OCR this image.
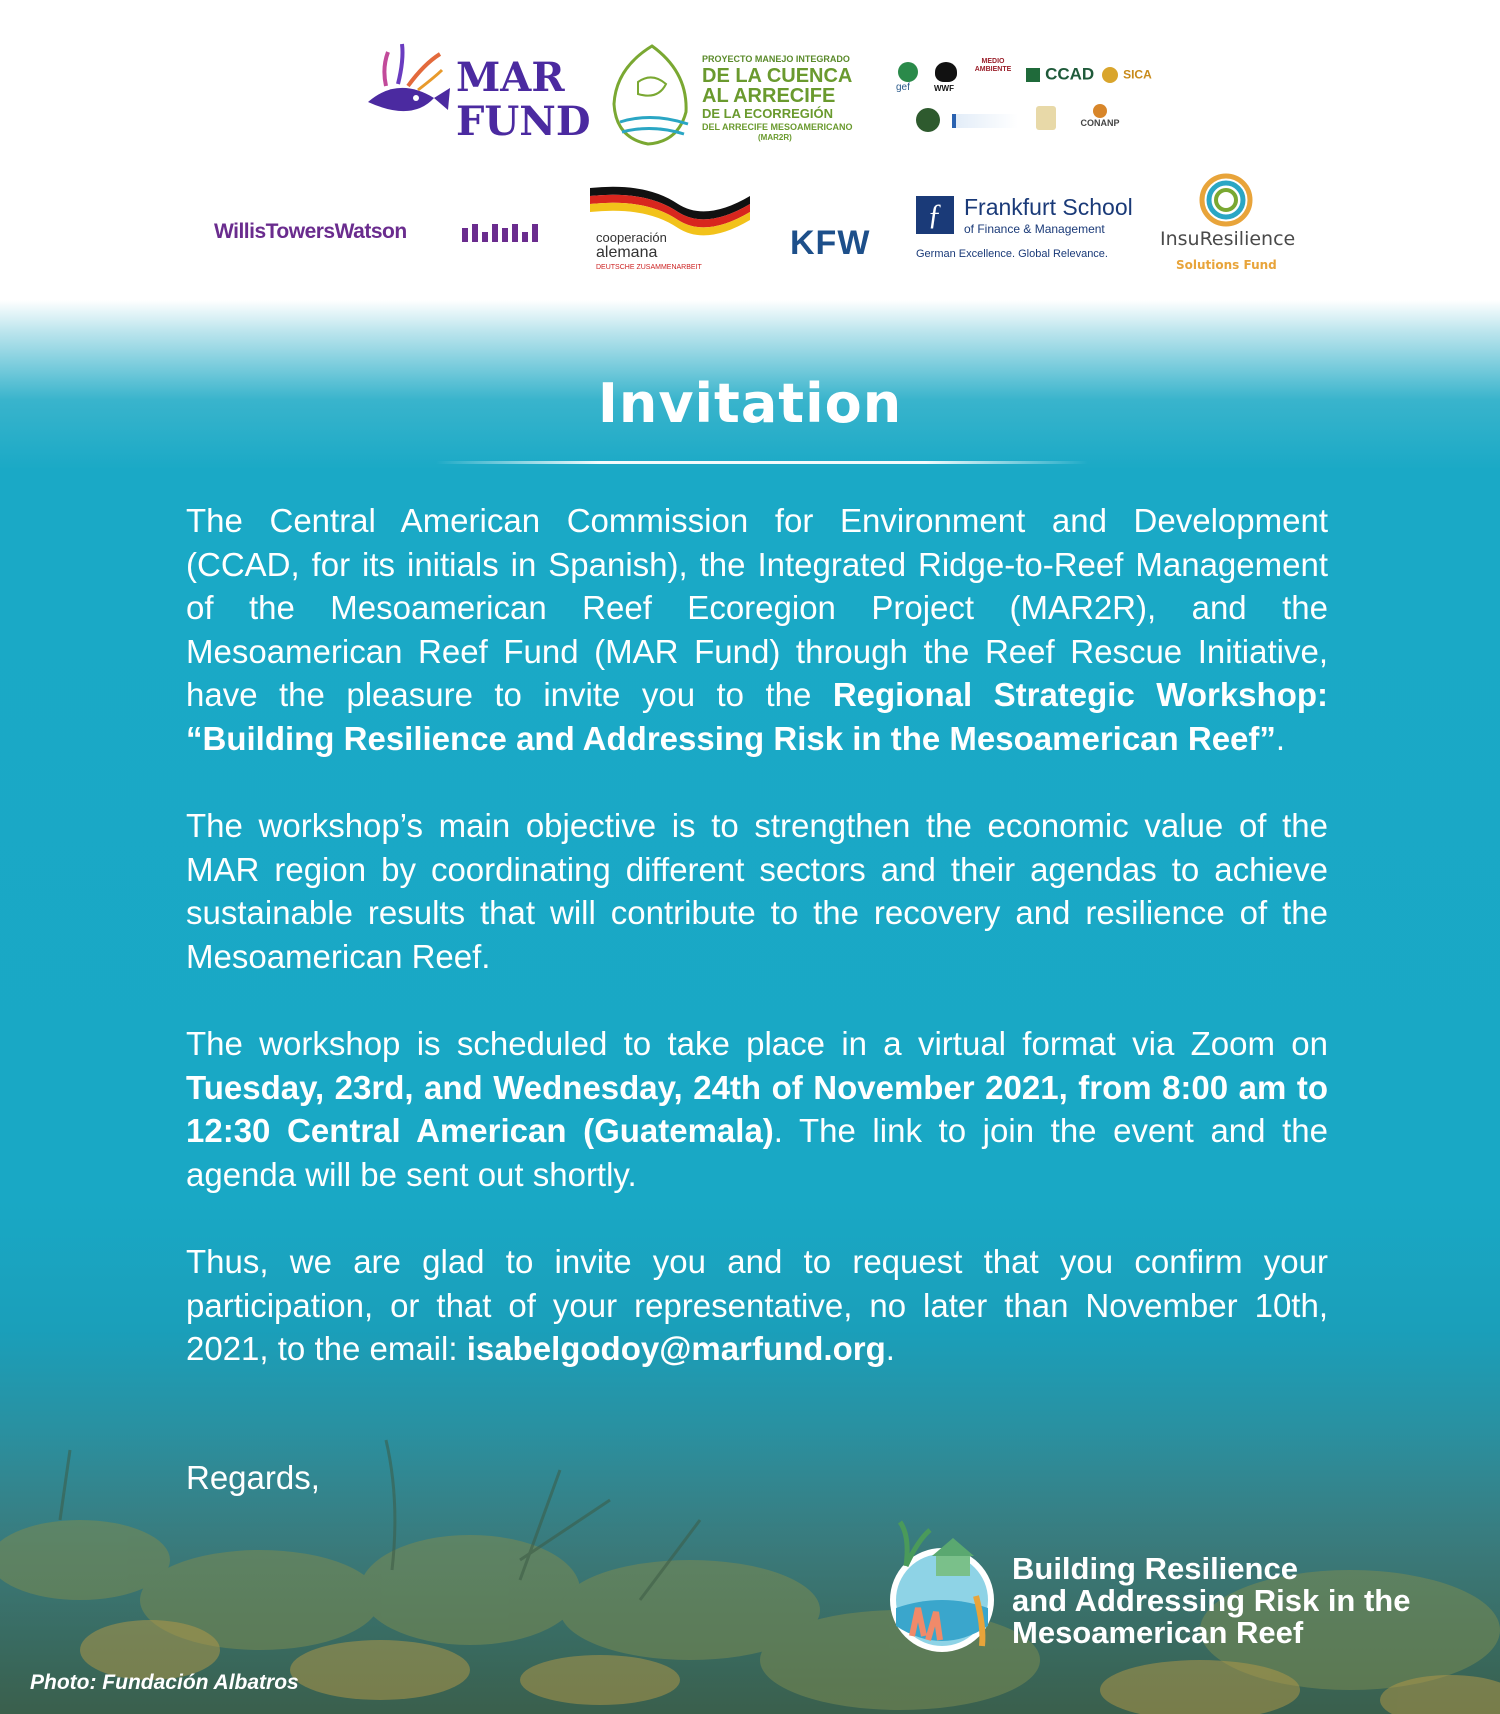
MAR
FUND
PROYECTO MANEJO INTEGRADO
DE LA CUENCA
AL ARRECIFE
DE LA ECORREGIÓN
DEL ARRECIFE MESOAMERICANO
(MAR2R)
gef	WWF
MEDIO AMBIENTE	CCAD	SICA
CONANP
WillisTowersWatson	cooperación
alemana
DEUTSCHE ZUSAMMENARBEIT
KFW
ƒ Frankfurt School
of Finance & Management
German Excellence. Global Relevance.
InsuResilience
Solutions Fund
Invitation

The Central American Commission for Environment and Development (CCAD, for its initials in Spanish), the Integrated Ridge-to-Reef Management of the Mesoamerican Reef Ecoregion Project (MAR2R), and the Mesoamerican Reef Fund (MAR Fund) through the Reef Rescue Initiative, have the pleasure to invite you to the Regional Strategic Workshop: “Building Resilience and Addressing Risk in the Mesoamerican Reef”.

The workshop’s main objective is to strengthen the economic value of the MAR region by coordinating different sectors and their agendas to achieve sustainable results that will contribute to the recovery and resilience of the Mesoamerican Reef.

The workshop is scheduled to take place in a virtual format via Zoom on Tuesday, 23rd, and Wednesday, 24th of November 2021, from 8:00 am to 12:30 Central American (Guatemala). The link to join the event and the agenda will be sent out shortly.

Thus, we are glad to invite you and to request that you confirm your participation, or that of your representative, no later than November 10th, 2021, to the email: isabelgodoy@marfund.org.

Regards,
Building Resilience
and Addressing Risk in the
Mesoamerican Reef
Photo: Fundación Albatros
